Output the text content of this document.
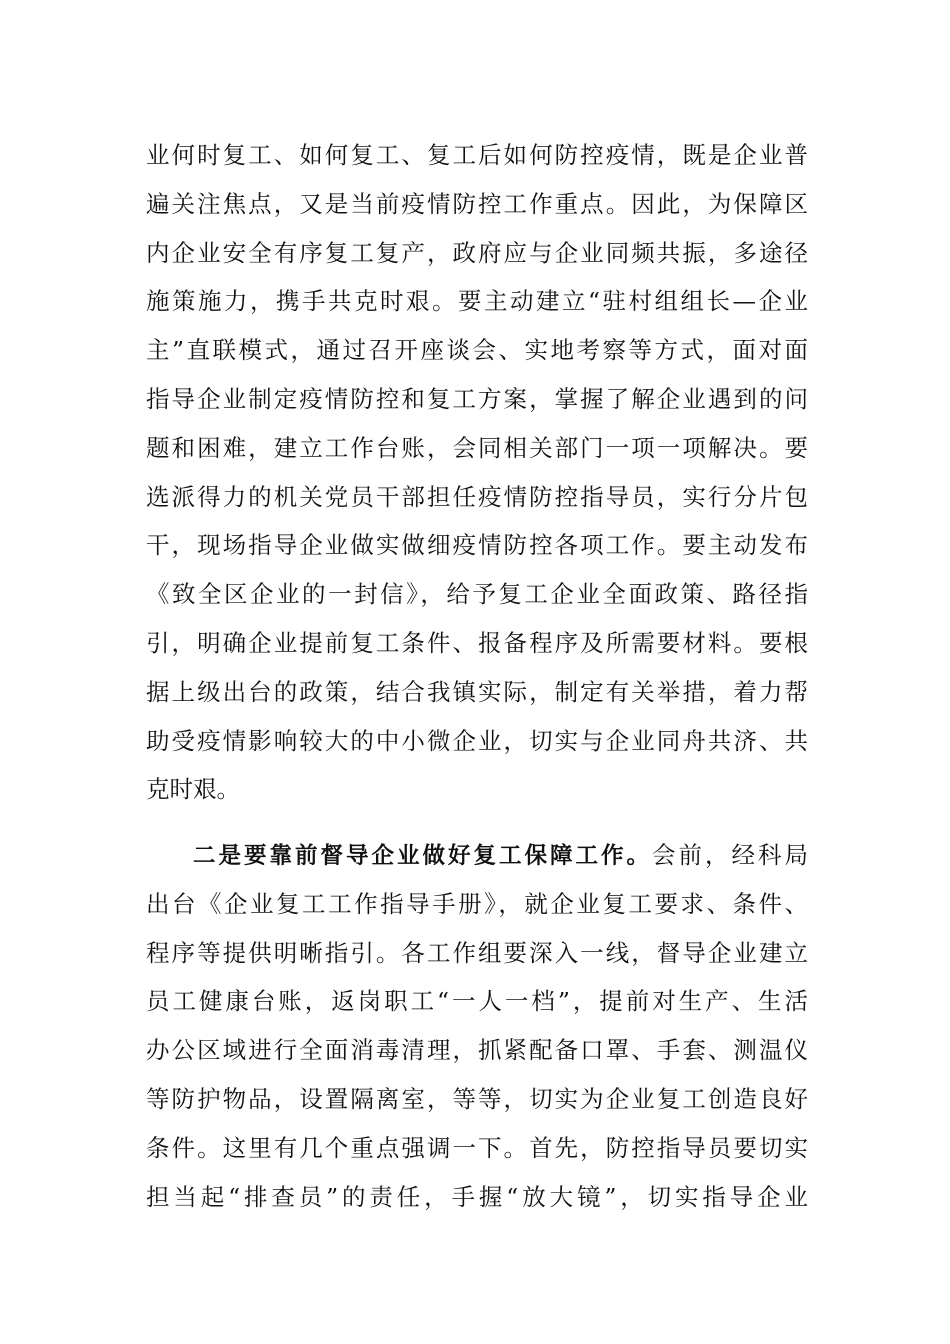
业何时复工、如何复工、复工后如何防控疫情，既是企业普
遍关注焦点，又是当前疫情防控工作重点。因此，为保障区
内企业安全有序复工复产，政府应与企业同频共振，多途径
施策施力，携手共克时艰。要主动建立“驻村组组长—企业
主”直联模式，通过召开座谈会、实地考察等方式，面对面
指导企业制定疫情防控和复工方案，掌握了解企业遇到的问
题和困难，建立工作台账，会同相关部门一项一项解决。要
选派得力的机关党员干部担任疫情防控指导员，实行分片包
干，现场指导企业做实做细疫情防控各项工作。要主动发布
《致全区企业的一封信》，给予复工企业全面政策、路径指
引，明确企业提前复工条件、报备程序及所需要材料。要根
据上级出台的政策，结合我镇实际，制定有关举措，着力帮
助受疫情影响较大的中小微企业，切实与企业同舟共济、共
克时艰。
二是要靠前督导企业做好复工保障工作。会前，经科局
出台《企业复工工作指导手册》，就企业复工要求、条件、
程序等提供明晰指引。各工作组要深入一线，督导企业建立
员工健康台账，返岗职工“一人一档”，提前对生产、生活
办公区域进行全面消毒清理，抓紧配备口罩、手套、测温仪
等防护物品，设置隔离室，等等，切实为企业复工创造良好
条件。这里有几个重点强调一下。首先，防控指导员要切实
担当起“排查员”的责任，手握“放大镜”，切实指导企业
